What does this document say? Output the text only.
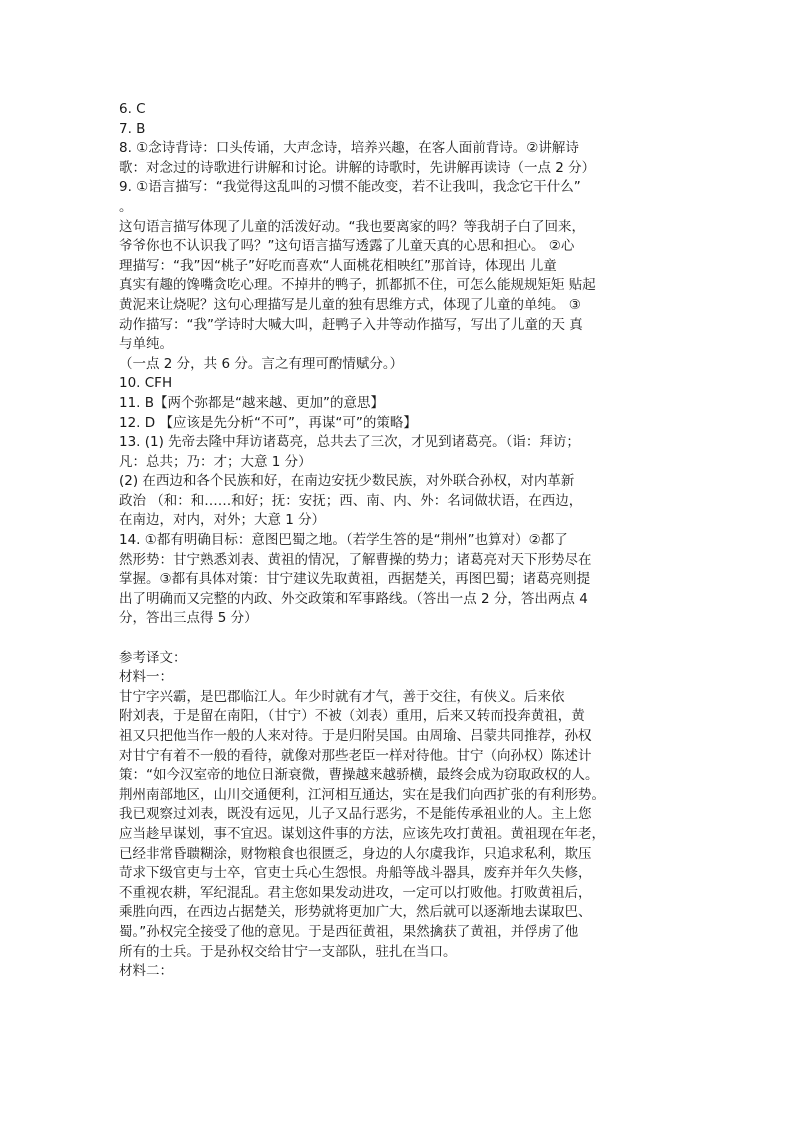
6. C
7. B
8. ①念诗背诗：口头传诵，大声念诗，培养兴趣，在客人面前背诗。②讲解诗
歌：对念过的诗歌进行讲解和讨论。讲解的诗歌时，先讲解再读诗（一点 2 分）
9. ①语言描写：“我觉得这乱叫的习惯不能改变，若不让我叫，我念它干什么”
。
这句语言描写体现了儿童的活泼好动。“我也要离家的吗？等我胡子白了回来，
爷爷你也不认识我了吗？”这句语言描写透露了儿童天真的心思和担心。 ②心
理描写：“我”因“桃子”好吃而喜欢“人面桃花相映红”那首诗，体现出 儿童
真实有趣的馋嘴贪吃心理。不掉井的鸭子，抓都抓不住，可怎么能规规矩矩 贴起
黄泥来让烧呢？这句心理描写是儿童的独有思维方式，体现了儿童的单纯。 ③
动作描写：“我”学诗时大喊大叫，赶鸭子入井等动作描写，写出了儿童的天 真
与单纯。
（一点 2 分，共 6 分。言之有理可酌情赋分。）
10. CFH
11. B【两个弥都是“越来越、更加”的意思】
12. D 【应该是先分析“不可”，再谋“可”的策略】
13. (1) 先帝去隆中拜访诸葛亮，总共去了三次，才见到诸葛亮。（诣：拜访；
凡：总共；乃：才；大意 1 分）
(2) 在西边和各个民族和好，在南边安抚少数民族，对外联合孙权，对内革新
政治 （和：和……和好；抚：安抚；西、南、内、外：名词做状语，在西边，
在南边，对内，对外；大意 1 分）
14. ①都有明确目标：意图巴蜀之地。（若学生答的是“荆州”也算对）②都了
然形势：甘宁熟悉刘表、黄祖的情况，了解曹操的势力；诸葛亮对天下形势尽在
掌握。③都有具体对策：甘宁建议先取黄祖，西据楚关，再图巴蜀；诸葛亮则提
出了明确而又完整的内政、外交政策和军事路线。（答出一点 2 分，答出两点 4
分，答出三点得 5 分）
参考译文：
材料一：
甘宁字兴霸，是巴郡临江人。年少时就有才气，善于交往，有侠义。后来依
附刘表，于是留在南阳，（甘宁）不被（刘表）重用，后来又转而投奔黄祖，黄
祖又只把他当作一般的人来对待。于是归附吴国。由周瑜、吕蒙共同推荐，孙权
对甘宁有着不一般的看待，就像对那些老臣一样对待他。甘宁（向孙权）陈述计
策：“如今汉室帝的地位日渐衰微，曹操越来越骄横，最终会成为窃取政权的人。
荆州南部地区，山川交通便利，江河相互通达，实在是我们向西扩张的有利形势。
我已观察过刘表，既没有远见，儿子又品行恶劣，不是能传承祖业的人。主上您
应当趁早谋划，事不宜迟。谋划这件事的方法，应该先攻打黄祖。黄祖现在年老，
已经非常昏聩糊涂，财物粮食也很匮乏，身边的人尔虞我诈，只追求私利，欺压
苛求下级官吏与士卒，官吏士兵心生怨恨。舟船等战斗器具，废弃并年久失修，
不重视农耕，军纪混乱。君主您如果发动进攻，一定可以打败他。打败黄祖后，
乘胜向西，在西边占据楚关，形势就将更加广大，然后就可以逐渐地去谋取巴、
蜀。”孙权完全接受了他的意见。于是西征黄祖，果然擒获了黄祖，并俘虏了他
所有的士兵。于是孙权交给甘宁一支部队，驻扎在当口。
材料二：
